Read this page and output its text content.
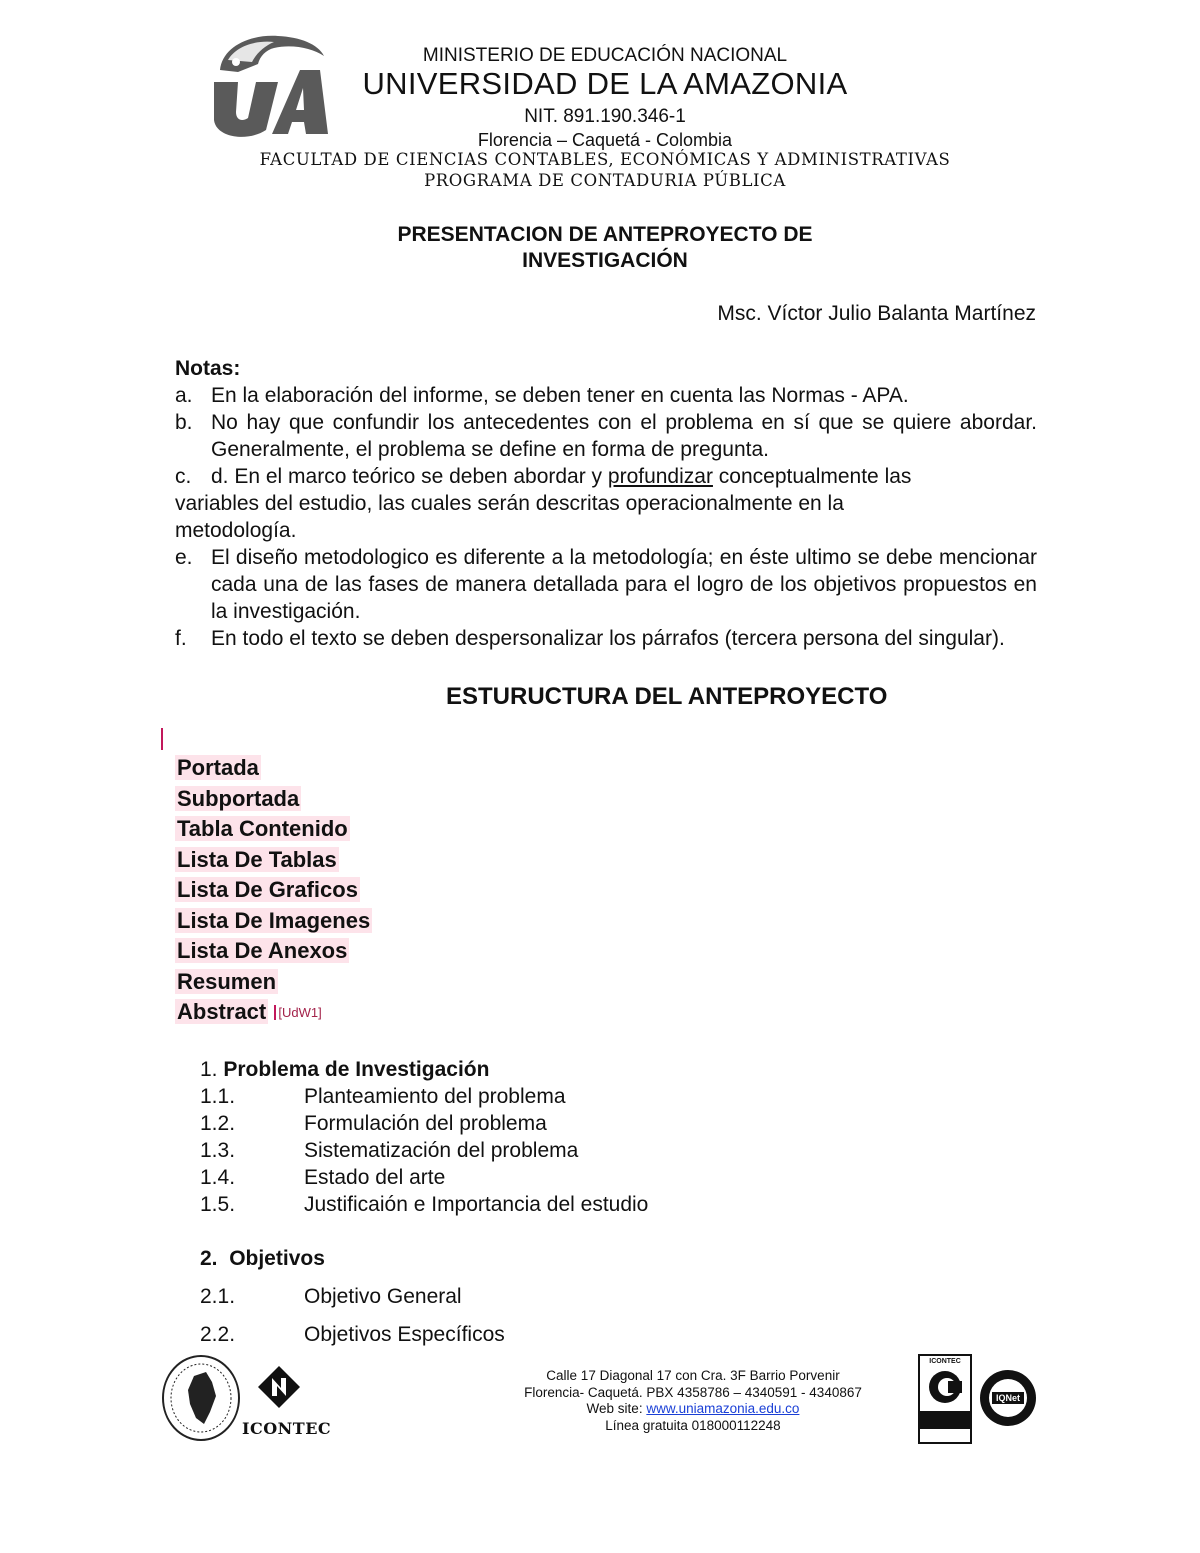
MINISTERIO DE EDUCACIÓN NACIONAL
UNIVERSIDAD DE LA AMAZONIA
NIT. 891.190.346-1
Florencia – Caquetá - Colombia
FACULTAD DE CIENCIAS CONTABLES, ECONÓMICAS Y ADMINISTRATIVAS
PROGRAMA DE CONTADURIA PÚBLICA
PRESENTACION DE ANTEPROYECTO DE
INVESTIGACIÓN
Msc. Víctor Julio Balanta Martínez
Notas:
a. En la elaboración del informe, se deben tener en cuenta las Normas - APA.
b. No hay que confundir los antecedentes con el problema en sí que se quiere abordar. Generalmente, el problema se define en forma de pregunta.
c. d. En el marco teórico se deben abordar y profundizar conceptualmente las
variables del estudio, las cuales serán descritas operacionalmente en la metodología.
e. El diseño metodologico es diferente a la metodología; en éste ultimo se debe mencionar cada una de las fases de manera detallada para el logro de los objetivos propuestos en la investigación.
f.	En todo el texto se deben despersonalizar los párrafos (tercera persona del singular).
ESTURUCTURA DEL ANTEPROYECTO
Portada
Subportada
Tabla Contenido
Lista De Tablas
Lista De Graficos
Lista De Imagenes
Lista De Anexos
Resumen
Abstract [UdW1]
1.
Problema de Investigación
1.1.	Planteamiento del problema
1.2.	Formulación del problema
1.3.	Sistematización del problema
1.4.	Estado del arte
1.5.	Justificaión e Importancia del estudio
2.
Objetivos
2.1.	Objetivo General
2.2.	Objetivos Específicos
ICONTEC
Calle 17 Diagonal 17 con Cra. 3F Barrio Porvenir
Florencia- Caquetá. PBX 4358786 – 4340591 - 4340867
Web site: www.uniamazonia.edu.co
Línea gratuita 018000112248
ICONTEC
IQNet
